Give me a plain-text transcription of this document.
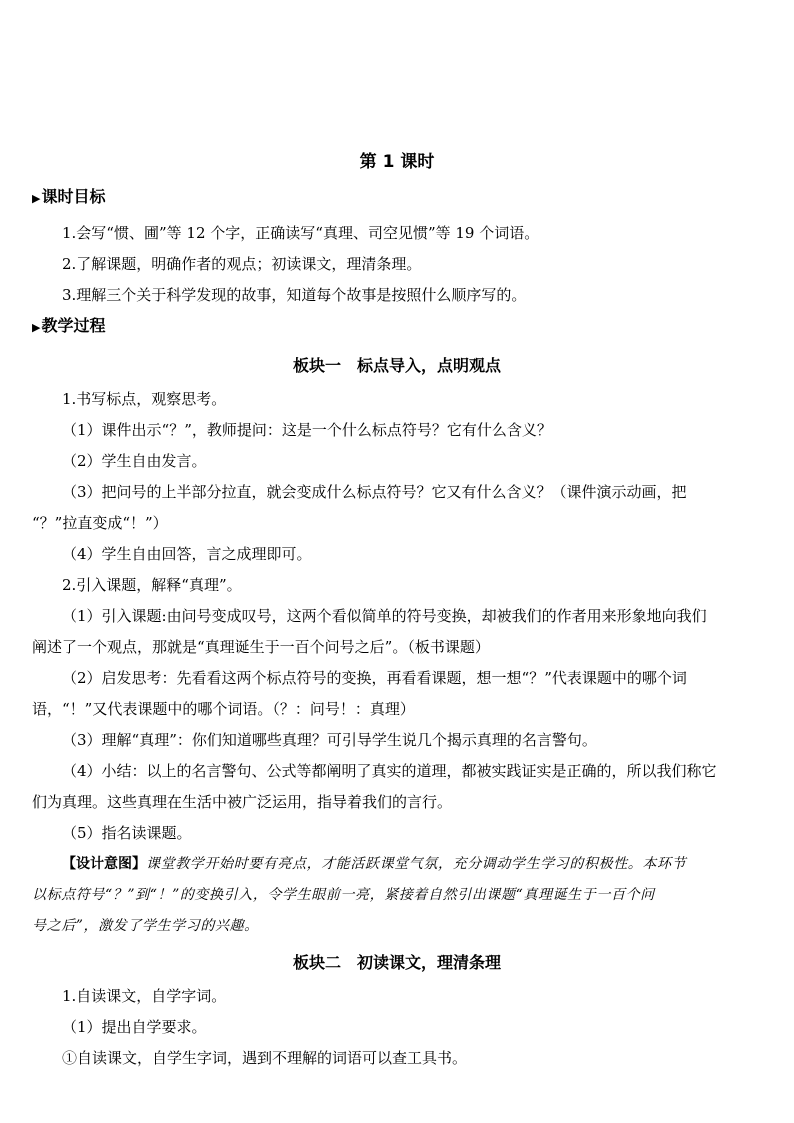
第 1 课时
▶课时目标
1.会写“惯、圃”等 12 个字，正确读写“真理、司空见惯”等 19 个词语。
2.了解课题，明确作者的观点；初读课文，理清条理。
3.理解三个关于科学发现的故事，知道每个故事是按照什么顺序写的。
▶教学过程
板块一　标点导入，点明观点
1.书写标点，观察思考。
（1）课件出示“？”，教师提问：这是一个什么标点符号？它有什么含义？
（2）学生自由发言。
（3）把问号的上半部分拉直，就会变成什么标点符号？它又有什么含义？（课件演示动画，把
“？”拉直变成“！”）
（4）学生自由回答，言之成理即可。
2.引入课题，解释“真理”。
（1）引入课题:由问号变成叹号，这两个看似简单的符号变换，却被我们的作者用来形象地向我们
阐述了一个观点，那就是“真理诞生于一百个问号之后”。（板书课题）
（2）启发思考：先看看这两个标点符号的变换，再看看课题，想一想“？”代表课题中的哪个词
语，“！”又代表课题中的哪个词语。（？：问号！：真理）
（3）理解“真理”：你们知道哪些真理？可引导学生说几个揭示真理的名言警句。
（4）小结：以上的名言警句、公式等都阐明了真实的道理，都被实践证实是正确的，所以我们称它
们为真理。这些真理在生活中被广泛运用，指导着我们的言行。
（5）指名读课题。
【设计意图】课堂教学开始时要有亮点，才能活跃课堂气氛，充分调动学生学习的积极性。本环节
以标点符号“？”到“！”的变换引入，令学生眼前一亮，紧接着自然引出课题“真理诞生于一百个问
号之后”，激发了学生学习的兴趣。
板块二　初读课文，理清条理
1.自读课文，自学字词。
（1）提出自学要求。
①自读课文，自学生字词，遇到不理解的词语可以查工具书。
